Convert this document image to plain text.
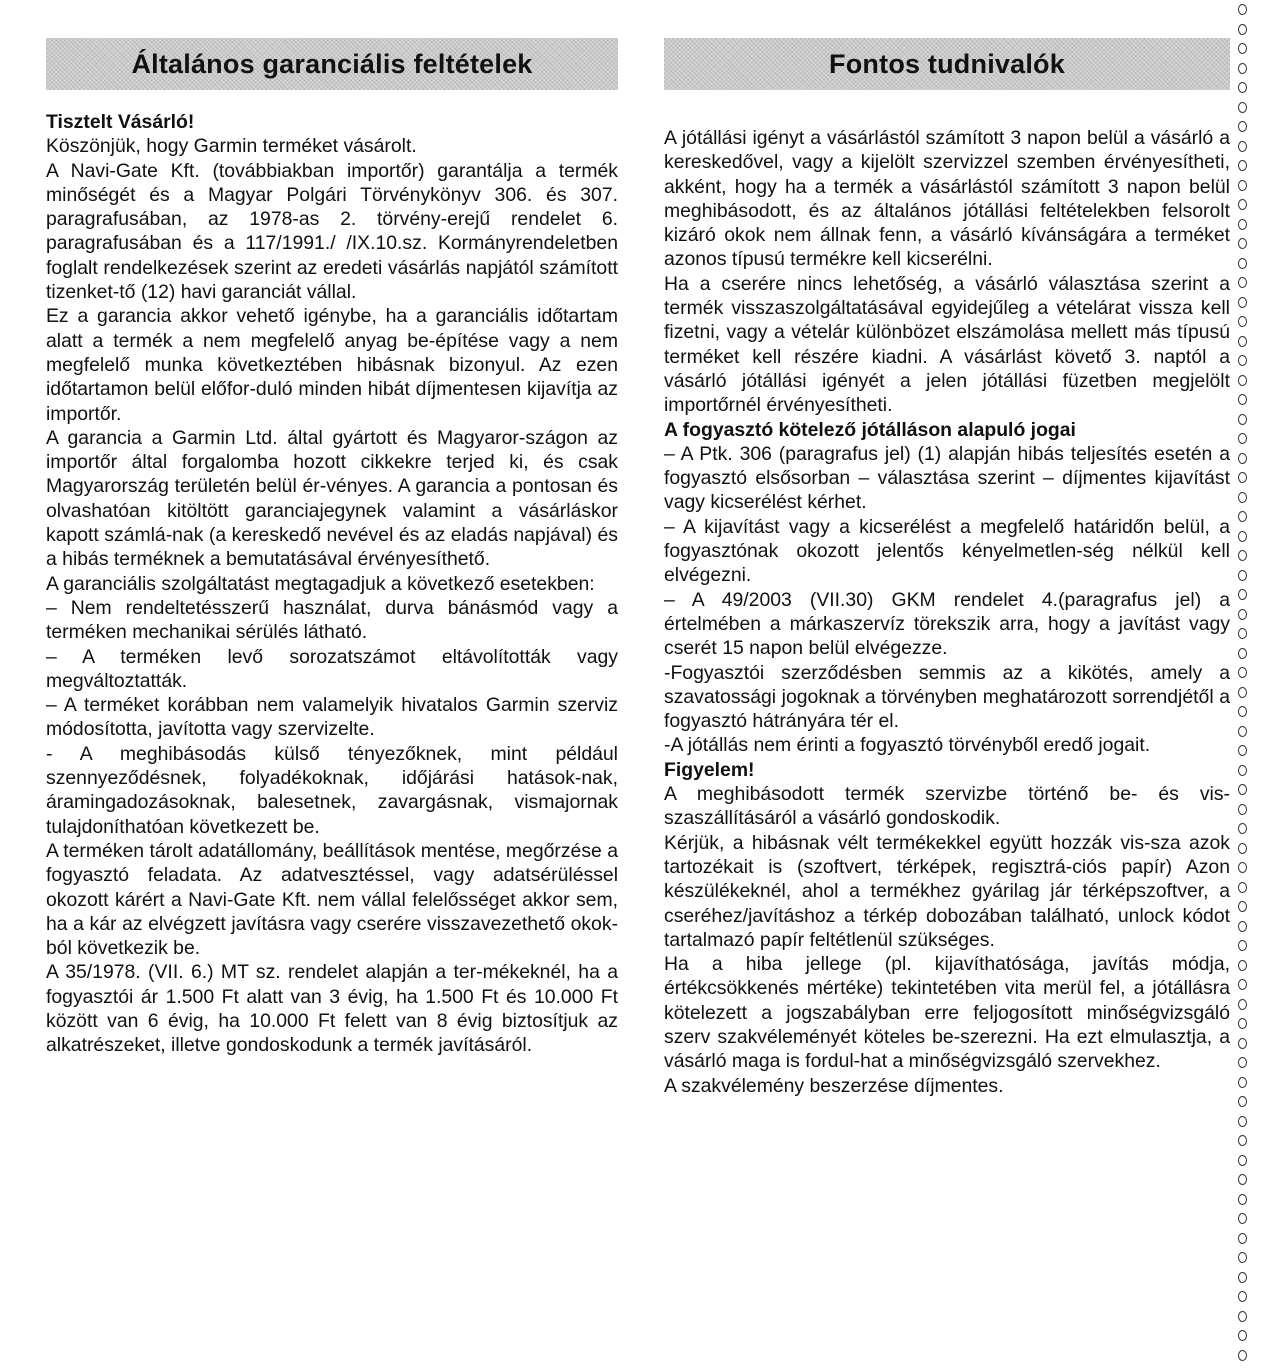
Általános garanciális feltételek

Tisztelt Vásárló!

Köszönjük, hogy Garmin terméket vásárolt.

A Navi-Gate Kft. (továbbiakban importőr) garantálja a termék minőségét és a Magyar Polgári Törvénykönyv 306. és 307. paragrafusában, az 1978-as 2. törvény-erejű rendelet 6. paragrafusában és a 117/1991./ /IX.10.sz. Kormányrendeletben foglalt rendelkezések szerint az eredeti vásárlás napjától számított tizenket-tő (12) havi garanciát vállal.

Ez a garancia akkor vehető igénybe, ha a garanciális időtartam alatt a termék a nem megfelelő anyag be-építése vagy a nem megfelelő munka következtében hibásnak bizonyul. Az ezen időtartamon belül előfor-duló minden hibát díjmentesen kijavítja az importőr.

A garancia a Garmin Ltd. által gyártott és Magyaror-szágon az importőr által forgalomba hozott cikkekre terjed ki, és csak Magyarország területén belül ér-vényes. A garancia a pontosan és olvashatóan kitöltött garanciajegynek valamint a vásárláskor kapott számlá-nak (a kereskedő nevével és az eladás napjával) és a hibás terméknek a bemutatásával érvényesíthető.

A garanciális szolgáltatást megtagadjuk a következő esetekben:

– Nem rendeltetésszerű használat, durva bánásmód vagy a terméken mechanikai sérülés látható.

– A terméken levő sorozatszámot eltávolították vagy megváltoztatták.

– A terméket korábban nem valamelyik hivatalos Garmin szerviz módosította, javította vagy szervizelte.

- A meghibásodás külső tényezőknek, mint például szennyeződésnek, folyadékoknak, időjárási hatások-nak, áramingadozásoknak, balesetnek, zavargásnak, vismajornak tulajdoníthatóan következett be.

A terméken tárolt adatállomány, beállítások mentése, megőrzése a fogyasztó feladata. Az adatvesztéssel, vagy adatsérüléssel okozott kárért a Navi-Gate Kft. nem vállal felelősséget akkor sem, ha a kár az elvégzett javításra vagy cserére visszavezethető okok-ból következik be.

A 35/1978. (VII. 6.) MT sz. rendelet alapján a ter-mékeknél, ha a fogyasztói ár 1.500 Ft alatt van 3 évig, ha 1.500 Ft és 10.000 Ft között van 6 évig, ha 10.000 Ft felett van 8 évig biztosítjuk az alkatrészeket, illetve gondoskodunk a termék javításáról.

Fontos tudnivalók

A jótállási igényt a vásárlástól számított 3 napon belül a vásárló a kereskedővel, vagy a kijelölt szervizzel szemben érvényesítheti, akként, hogy ha a termék a vásárlástól számított 3 napon belül meghibásodott, és az általános jótállási feltételekben felsorolt kizáró okok nem állnak fenn, a vásárló kívánságára a terméket azonos típusú termékre kell kicserélni.

Ha a cserére nincs lehetőség, a vásárló választása szerint a termék visszaszolgáltatásával egyidejűleg a vételárat vissza kell fizetni, vagy a vételár különbözet elszámolása mellett más típusú terméket kell részére kiadni. A vásárlást követő 3. naptól a vásárló jótállási igényét a jelen jótállási füzetben megjelölt importőrnél érvényesítheti.

A fogyasztó kötelező jótálláson alapuló jogai

– A Ptk. 306 (paragrafus jel) (1) alapján hibás teljesítés esetén a fogyasztó elsősorban – választása szerint – díjmentes kijavítást vagy kicserélést kérhet.

– A kijavítást vagy a kicserélést a megfelelő határidőn belül, a fogyasztónak okozott jelentős kényelmetlen-ség nélkül kell elvégezni.

– A 49/2003 (VII.30) GKM rendelet 4.(paragrafus jel) a értelmében a márkaszervíz törekszik arra, hogy a javítást vagy cserét 15 napon belül elvégezze.

-Fogyasztói szerződésben semmis az a kikötés, amely a szavatossági jogoknak a törvényben meghatározott sorrendjétől a fogyasztó hátrányára tér el.

-A jótállás nem érinti a fogyasztó törvényből eredő jogait.

Figyelem!

A meghibásodott termék szervizbe történő be- és vis-szaszállításáról a vásárló gondoskodik.

Kérjük, a hibásnak vélt termékekkel együtt hozzák vis-sza azok tartozékait is (szoftvert, térképek, regisztrá-ciós papír) Azon készülékeknél, ahol a termékhez gyárilag jár térképszoftver, a cseréhez/javításhoz a térkép dobozában található, unlock kódot tartalmazó papír feltétlenül szükséges.

Ha a hiba jellege (pl. kijavíthatósága, javítás módja, értékcsökkenés mértéke) tekintetében vita merül fel, a jótállásra kötelezett a jogszabályban erre feljogosított minőségvizsgáló szerv szakvéleményét köteles be-szerezni. Ha ezt elmulasztja, a vásárló maga is fordul-hat a minőségvizsgáló szervekhez.

A szakvélemény beszerzése díjmentes.
